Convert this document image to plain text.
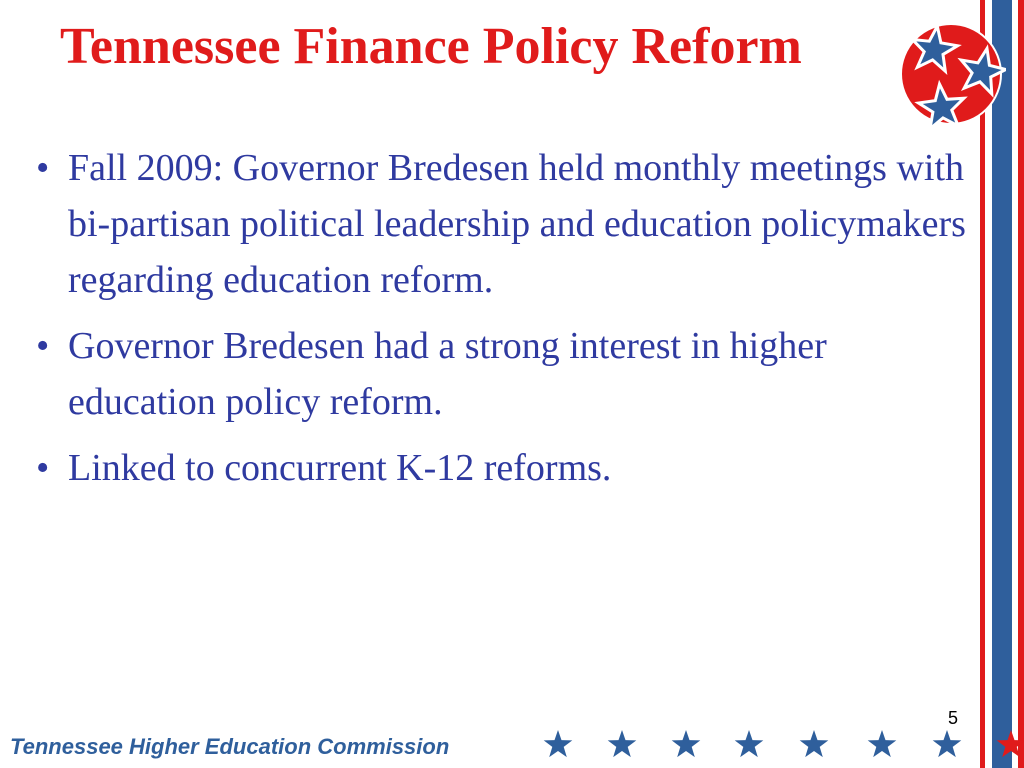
Tennessee Finance Policy Reform
• Fall 2009: Governor Bredesen held monthly meetings with bi-partisan political leadership and education policymakers regarding education reform.
• Governor Bredesen had a strong interest in higher education policy reform.
• Linked to concurrent K-12 reforms.
5
Tennessee Higher Education Commission
